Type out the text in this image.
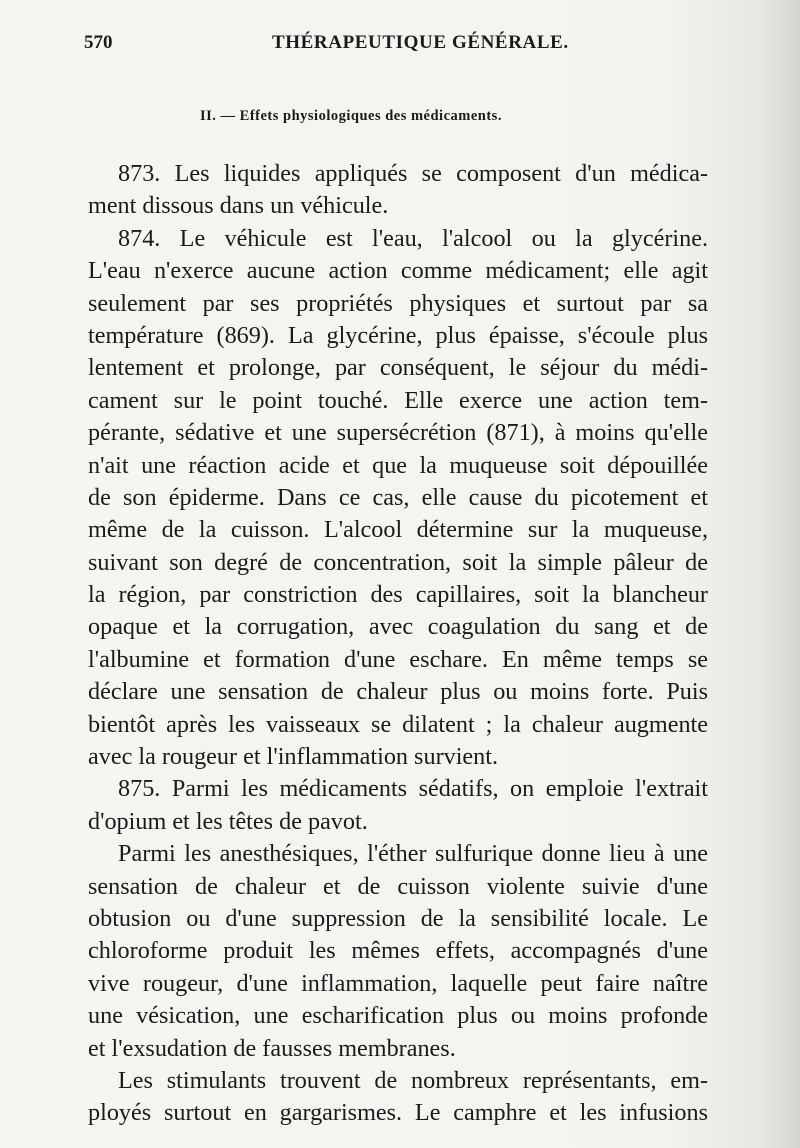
570	THÉRAPEUTIQUE GÉNÉRALE.
II. — Effets physiologiques des médicaments.
873. Les liquides appliqués se composent d'un médica-
ment dissous dans un véhicule.
874. Le véhicule est l'eau, l'alcool ou la glycérine.
L'eau n'exerce aucune action comme médicament; elle agit
seulement par ses propriétés physiques et surtout par sa
température (869). La glycérine, plus épaisse, s'écoule plus
lentement et prolonge, par conséquent, le séjour du médi-
cament sur le point touché. Elle exerce une action tem-
pérante, sédative et une supersécrétion (871), à moins qu'elle
n'ait une réaction acide et que la muqueuse soit dépouillée
de son épiderme. Dans ce cas, elle cause du picotement et
même de la cuisson. L'alcool détermine sur la muqueuse,
suivant son degré de concentration, soit la simple pâleur de
la région, par constriction des capillaires, soit la blancheur
opaque et la corrugation, avec coagulation du sang et de
l'albumine et formation d'une eschare. En même temps se
déclare une sensation de chaleur plus ou moins forte. Puis
bientôt après les vaisseaux se dilatent ; la chaleur augmente
avec la rougeur et l'inflammation survient.
875. Parmi les médicaments sédatifs, on emploie l'extrait
d'opium et les têtes de pavot.
Parmi les anesthésiques, l'éther sulfurique donne lieu à une
sensation de chaleur et de cuisson violente suivie d'une
obtusion ou d'une suppression de la sensibilité locale. Le
chloroforme produit les mêmes effets, accompagnés d'une
vive rougeur, d'une inflammation, laquelle peut faire naître
une vésication, une escharification plus ou moins profonde
et l'exsudation de fausses membranes.
Les stimulants trouvent de nombreux représentants, em-
ployés surtout en gargarismes. Le camphre et les infusions
